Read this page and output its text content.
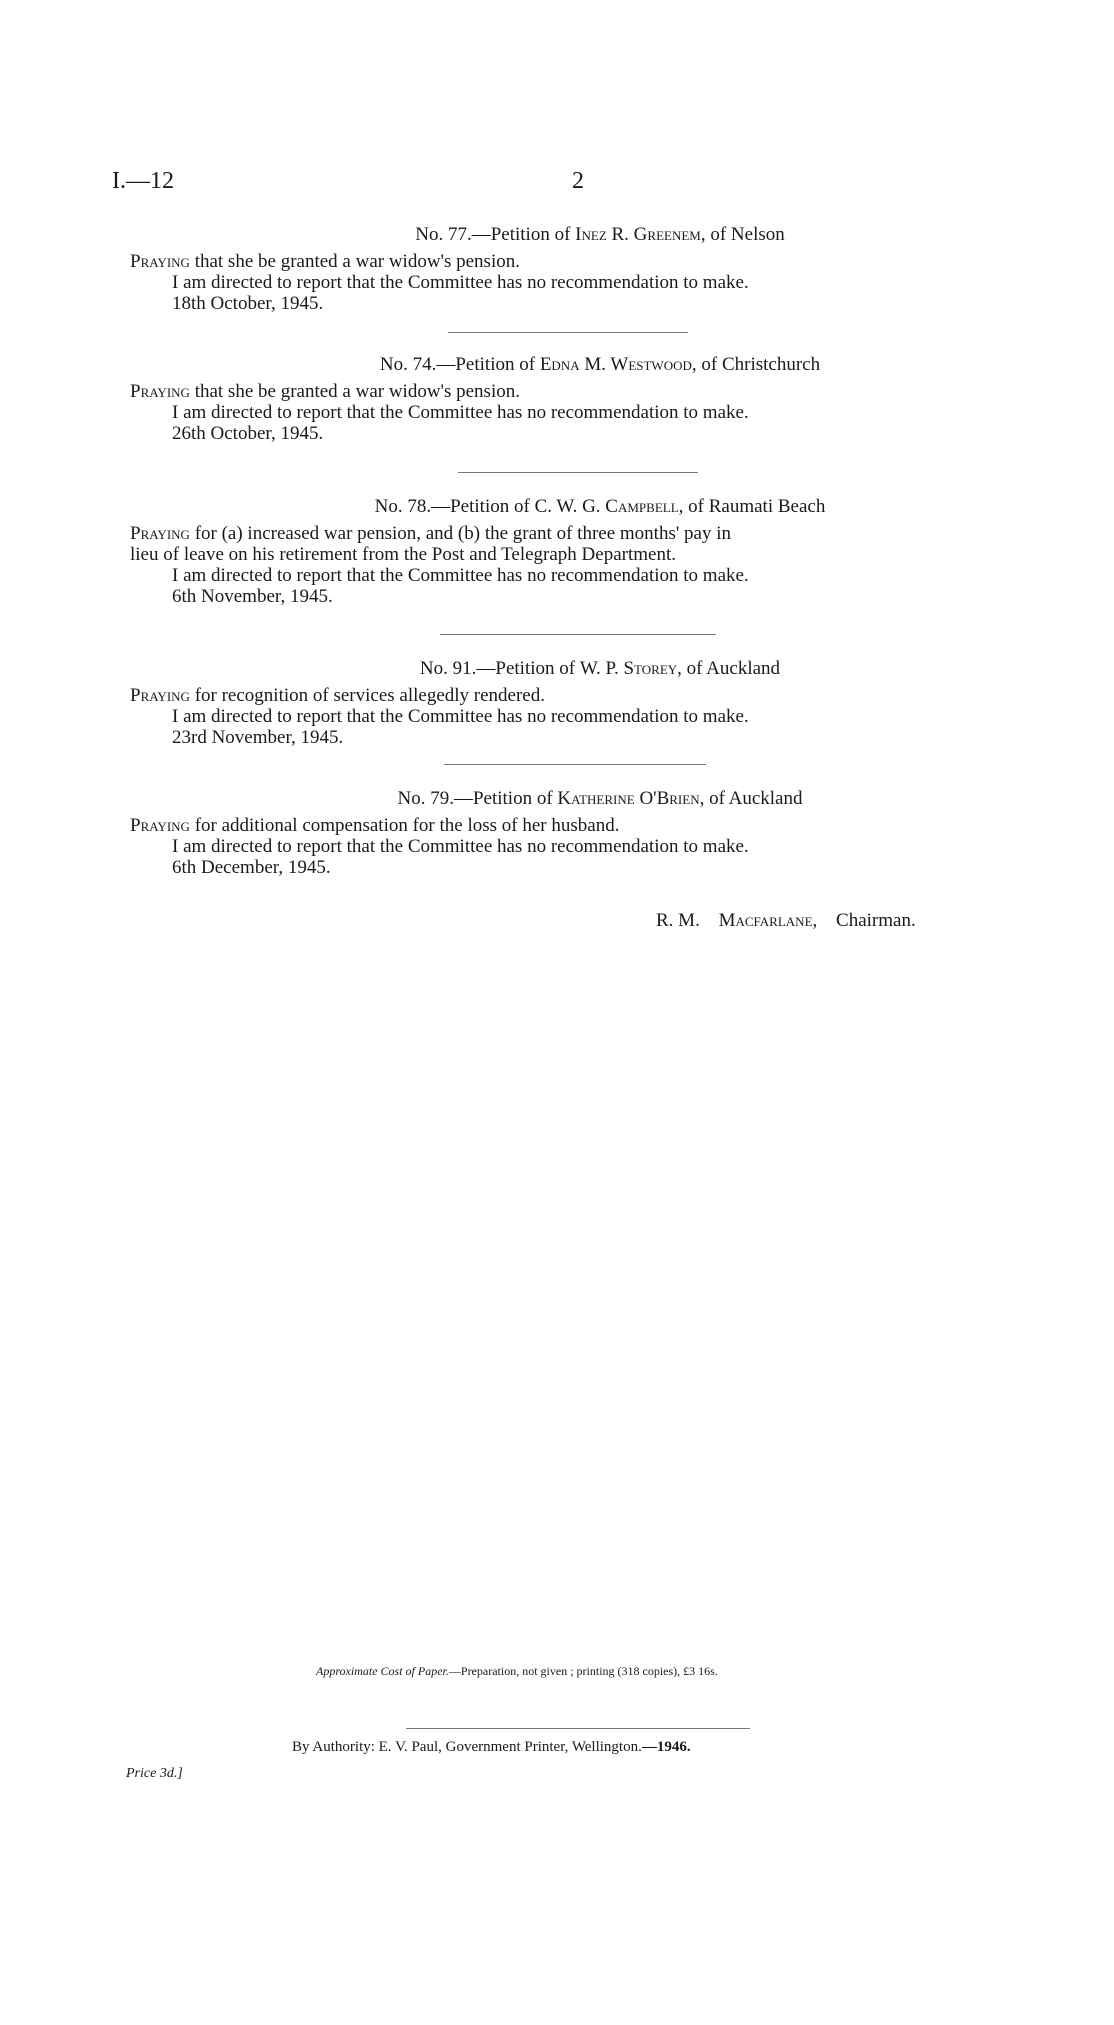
I.—12	2
No. 77.—Petition of Inez R. Greenem, of Nelson

Praying that she be granted a war widow's pension.

I am directed to report that the Committee has no recommendation to make.

18th October, 1945.

No. 74.—Petition of Edna M. Westwood, of Christchurch

Praying that she be granted a war widow's pension.

I am directed to report that the Committee has no recommendation to make.

26th October, 1945.

No. 78.—Petition of C. W. G. Campbell, of Raumati Beach

Praying for (a) increased war pension, and (b) the grant of three months' pay in

lieu of leave on his retirement from the Post and Telegraph Department.

I am directed to report that the Committee has no recommendation to make.

6th November, 1945.

No. 91.—Petition of W. P. Storey, of Auckland

Praying for recognition of services allegedly rendered.

I am directed to report that the Committee has no recommendation to make.

23rd November, 1945.

No. 79.—Petition of Katherine O'Brien, of Auckland

Praying for additional compensation for the loss of her husband.

I am directed to report that the Committee has no recommendation to make.

6th December, 1945.

R. M. Macfarlane, Chairman.
Approximate Cost of Paper.—Preparation, not given ; printing (318 copies), £3 16s.
By Authority: E. V. Paul, Government Printer, Wellington.—1946.
Price 3d.]
